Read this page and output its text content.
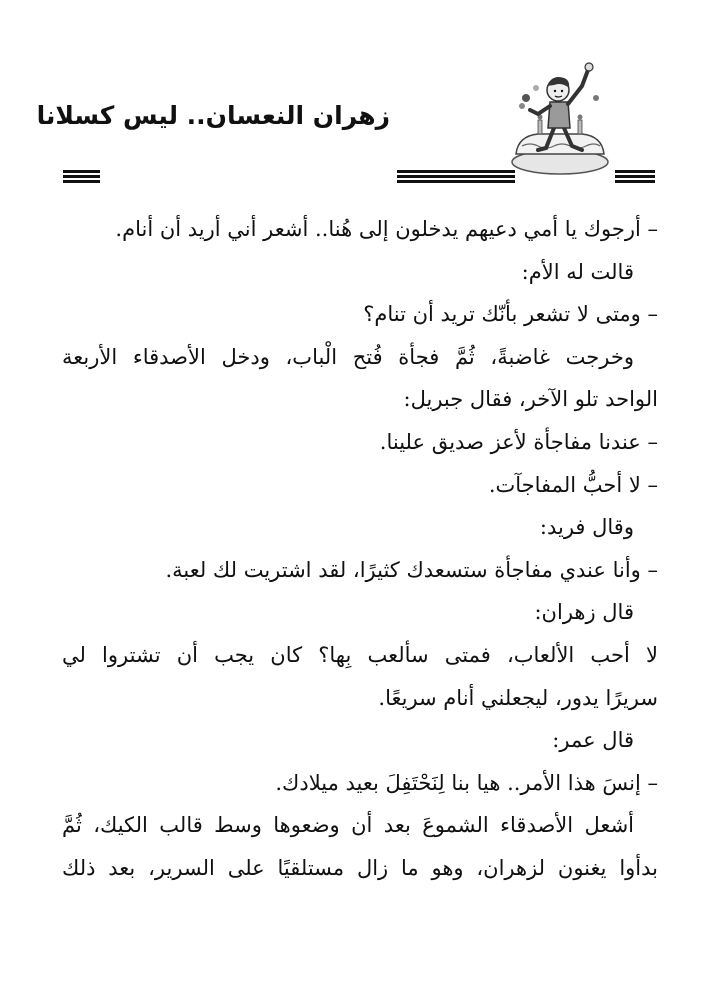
زهران النعسان.. ليس كسلانا
– أرجوك يا أمي دعيهم يدخلون إلى هُنا.. أشعر أني أريد أن أنام.
قالت له الأم:
– ومتى لا تشعر بأنّك تريد أن تنام؟
وخرجت غاضبةً، ثُمَّ فجأة فُتح الْباب، ودخل الأصدقاء الأربعة
الواحد تلو الآخر، فقال جبريل:
– عندنا مفاجأة لأعز صديق علينا.
– لا أحبُّ المفاجآت.
وقال فريد:
– وأنا عندي مفاجأة ستسعدك كثيرًا، لقد اشتريت لك لعبة.
قال زهران:
لا أحب الألعاب، فمتى سألعب بِها؟ كان يجب أن تشتروا لي
سريرًا يدور، ليجعلني أنام سريعًا.
قال عمر:
– إنسَ هذا الأمر.. هيا بنا لِنَحْتَفِلَ بعيد ميلادك.
أشعل الأصدقاء الشموعَ بعد أن وضعوها وسط قالب الكيك، ثُمَّ
بدأوا يغنون لزهران، وهو ما زال مستلقيًا على السرير، بعد ذلك
